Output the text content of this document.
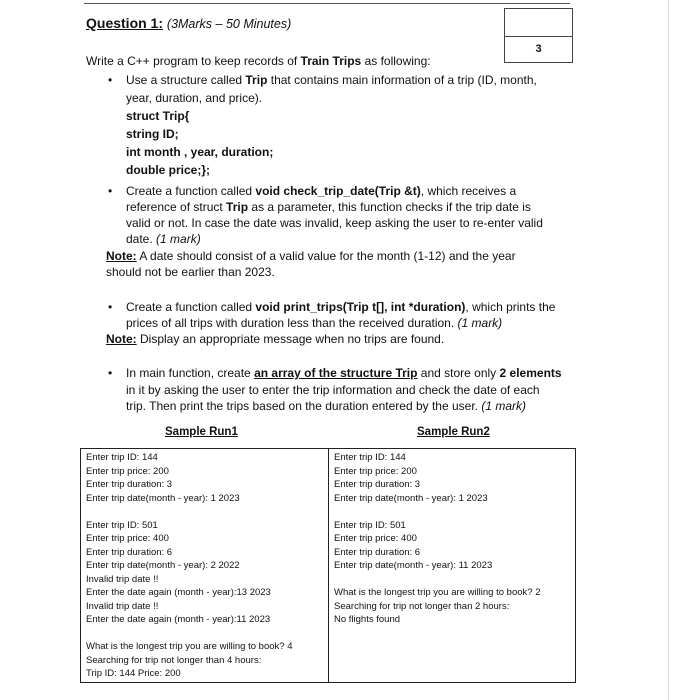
Question 1: (3Marks – 50 Minutes)
3
Write a C++ program to keep records of Train Trips as following:
• Use a structure called Trip that contains main information of a trip (ID, month,
year, duration, and price).
struct Trip{
string ID;
int month , year, duration;
double price;};
• Create a function called void check_trip_date(Trip &t), which receives a
reference of struct Trip as a parameter, this function checks if the trip date is
valid or not. In case the date was invalid, keep asking the user to re-enter valid
date. (1 mark)
Note: A date should consist of a valid value for the month (1-12) and the year
should not be earlier than 2023.
• Create a function called void print_trips(Trip t[], int *duration), which prints the
prices of all trips with duration less than the received duration. (1 mark)
Note: Display an appropriate message when no trips are found.
• In main function, create an array of the structure Trip and store only 2 elements
in it by asking the user to enter the trip information and check the date of each
trip. Then print the trips based on the duration entered by the user. (1 mark)
Sample Run1	Sample Run2
Enter trip ID: 144
Enter trip price: 200
Enter trip duration: 3
Enter trip date(month - year): 1 2023
Enter trip ID: 501
Enter trip price: 400
Enter trip duration: 6
Enter trip date(month - year): 2 2022
Invalid trip date !!
Enter the date again (month - year):13 2023
Invalid trip date !!
Enter the date again (month - year):11 2023
What is the longest trip you are willing to book? 4
Searching for trip not longer than 4 hours:
Trip ID: 144 Price: 200
Enter trip ID: 144
Enter trip price: 200
Enter trip duration: 3
Enter trip date(month - year): 1 2023
Enter trip ID: 501
Enter trip price: 400
Enter trip duration: 6
Enter trip date(month - year): 11 2023
What is the longest trip you are willing to book? 2
Searching for trip not longer than 2 hours:
No flights found
